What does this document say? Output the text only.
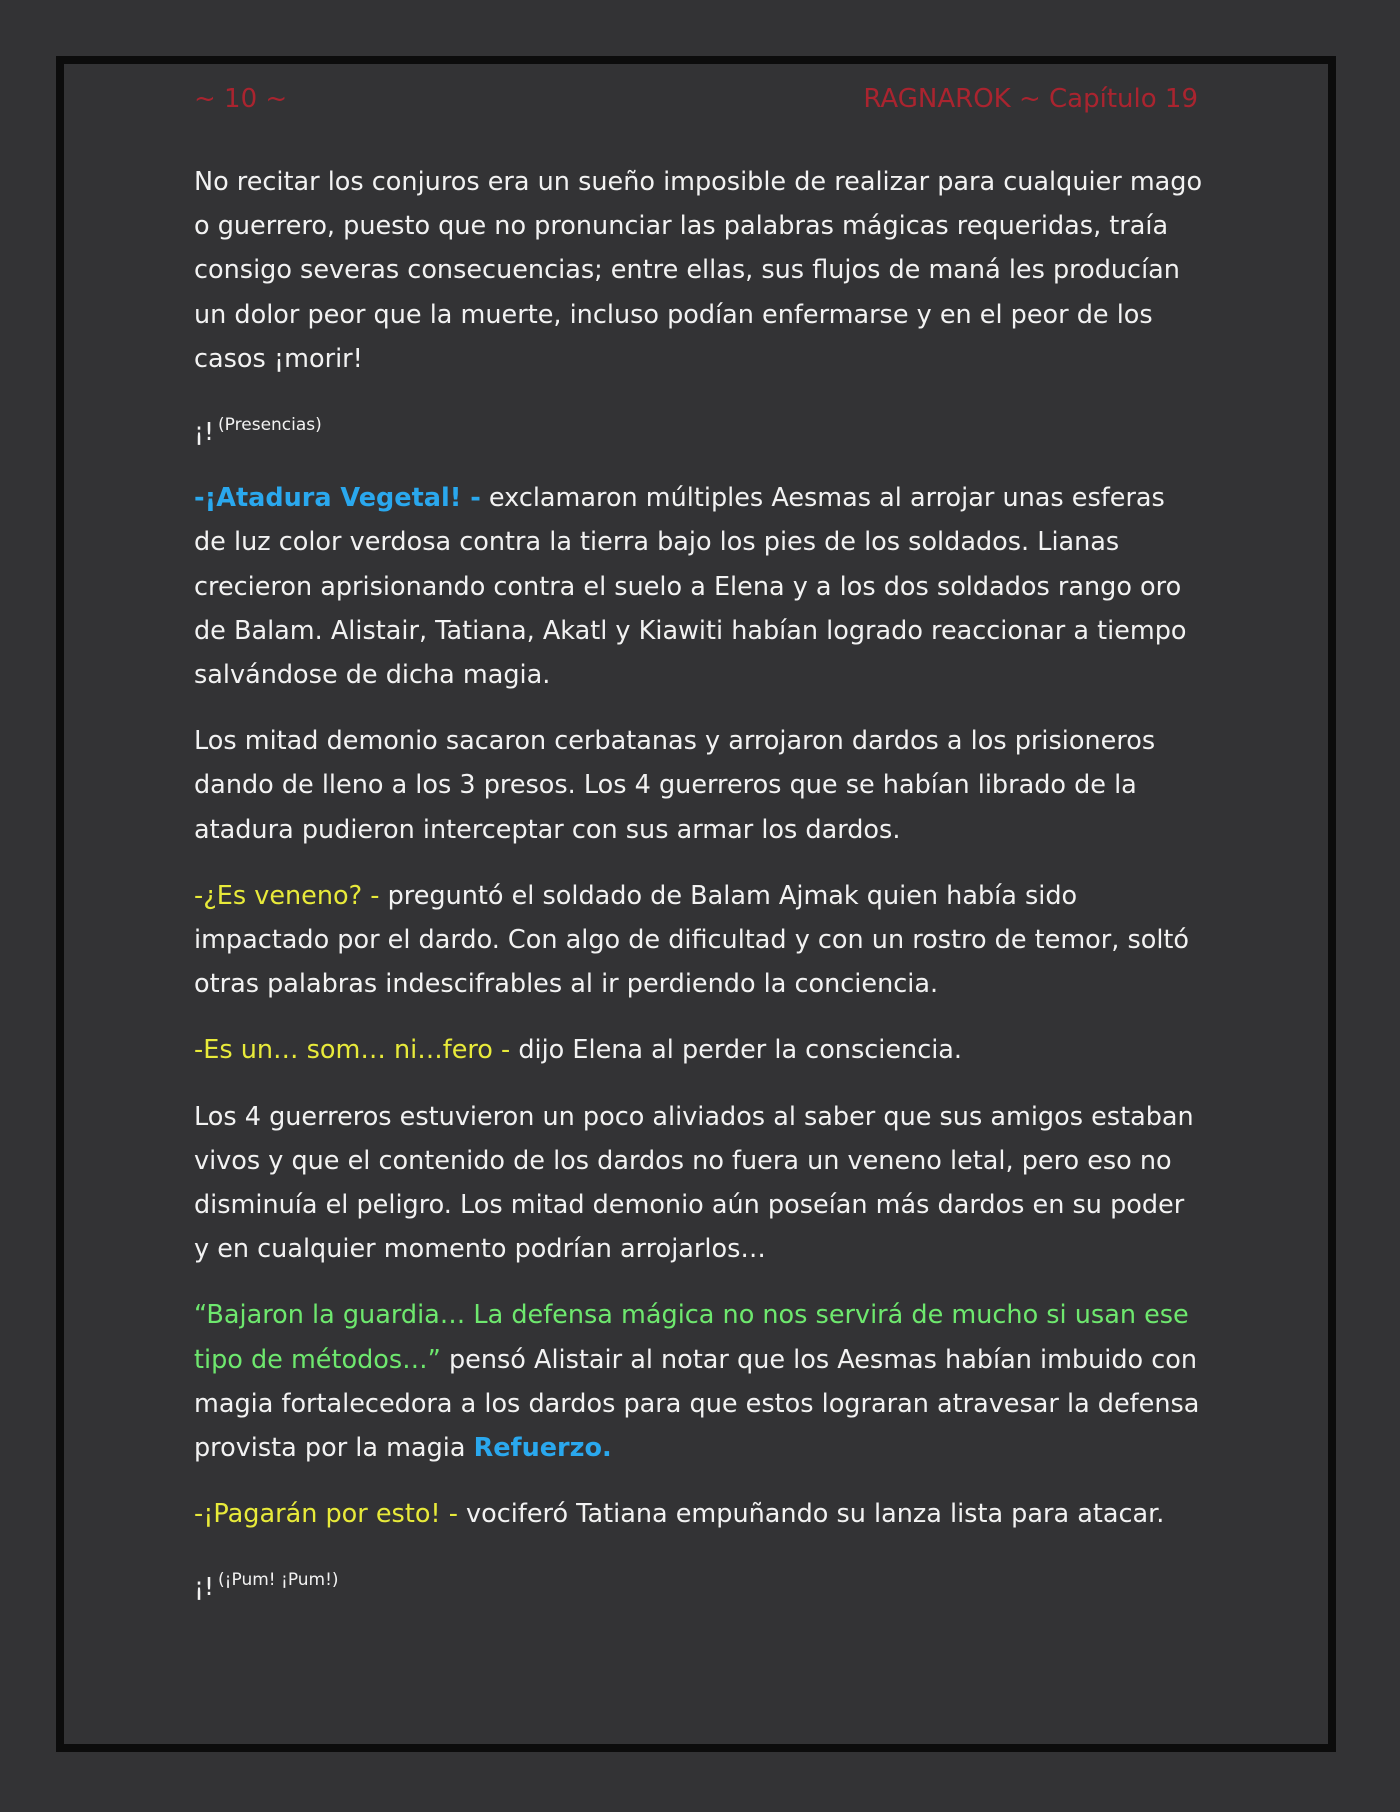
~ 10 ~	RAGNAROK ~ Capítulo 19

No recitar los conjuros era un sueño imposible de realizar para cualquier mago o guerrero, puesto que no pronunciar las palabras mágicas requeridas, traía consigo severas consecuencias; entre ellas, sus flujos de maná les producían un dolor peor que la muerte, incluso podían enfermarse y en el peor de los casos ¡morir!

¡! $^{(Presencias)}$

-¡Atadura Vegetal! - exclamaron múltiples Aesmas al arrojar unas esferas de luz color verdosa contra la tierra bajo los pies de los soldados. Lianas crecieron aprisionando contra el suelo a Elena y a los dos soldados rango oro de Balam. Alistair, Tatiana, Akatl y Kiawiti habían logrado reaccionar a tiempo salvándose de dicha magia.

Los mitad demonio sacaron cerbatanas y arrojaron dardos a los prisioneros dando de lleno a los 3 presos. Los 4 guerreros que se habían librado de la atadura pudieron interceptar con sus armar los dardos.

-¿Es veneno? - preguntó el soldado de Balam Ajmak quien había sido impactado por el dardo. Con algo de dificultad y con un rostro de temor, soltó otras palabras indescifrables al ir perdiendo la conciencia.

-Es un… som… ni…fero - dijo Elena al perder la consciencia.

Los 4 guerreros estuvieron un poco aliviados al saber que sus amigos estaban vivos y que el contenido de los dardos no fuera un veneno letal, pero eso no disminuía el peligro. Los mitad demonio aún poseían más dardos en su poder y en cualquier momento podrían arrojarlos…

“Bajaron la guardia… La defensa mágica no nos servirá de mucho si usan ese tipo de métodos…” pensó Alistair al notar que los Aesmas habían imbuido con magia fortalecedora a los dardos para que estos lograran atravesar la defensa provista por la magia Refuerzo.

-¡Pagarán por esto! - vociferó Tatiana empuñando su lanza lista para atacar.

¡! $^{(¡Pum! ¡Pum!)}$
